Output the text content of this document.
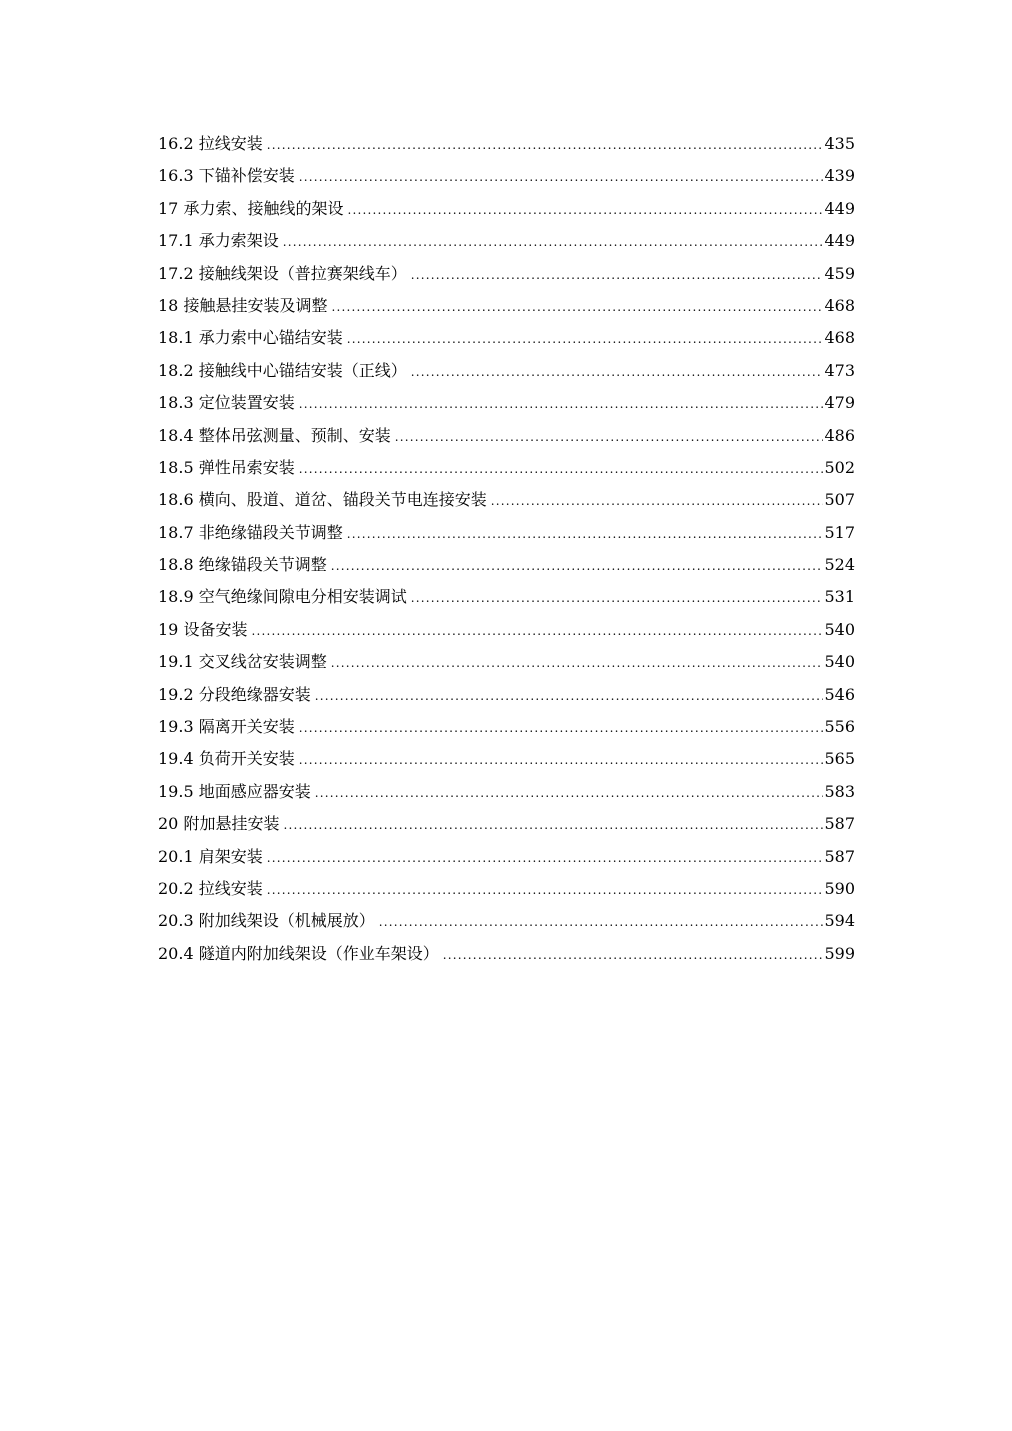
16.2 拉线安装 .....	435
16.3 下锚补偿安装 .....	439
17 承力索、接触线的架设 .....	449
17.1 承力索架设 .....	449
17.2 接触线架设（普拉赛架线车） .....	459
18 接触悬挂安装及调整 .....	468
18.1 承力索中心锚结安装 .....	468
18.2 接触线中心锚结安装（正线） .....	473
18.3 定位装置安装 .....	479
18.4 整体吊弦测量、预制、安装 .....	486
18.5 弹性吊索安装 .....	502
18.6 横向、股道、道岔、锚段关节电连接安装 .....	507
18.7 非绝缘锚段关节调整 .....	517
18.8 绝缘锚段关节调整 .....	524
18.9 空气绝缘间隙电分相安装调试 .....	531
19 设备安装 .....	540
19.1 交叉线岔安装调整 .....	540
19.2 分段绝缘器安装 .....	546
19.3 隔离开关安装 .....	556
19.4 负荷开关安装 .....	565
19.5 地面感应器安装 .....	583
20 附加悬挂安装 .....	587
20.1 肩架安装 .....	587
20.2 拉线安装 .....	590
20.3 附加线架设（机械展放） .....	594
20.4 隧道内附加线架设（作业车架设） .....	599
